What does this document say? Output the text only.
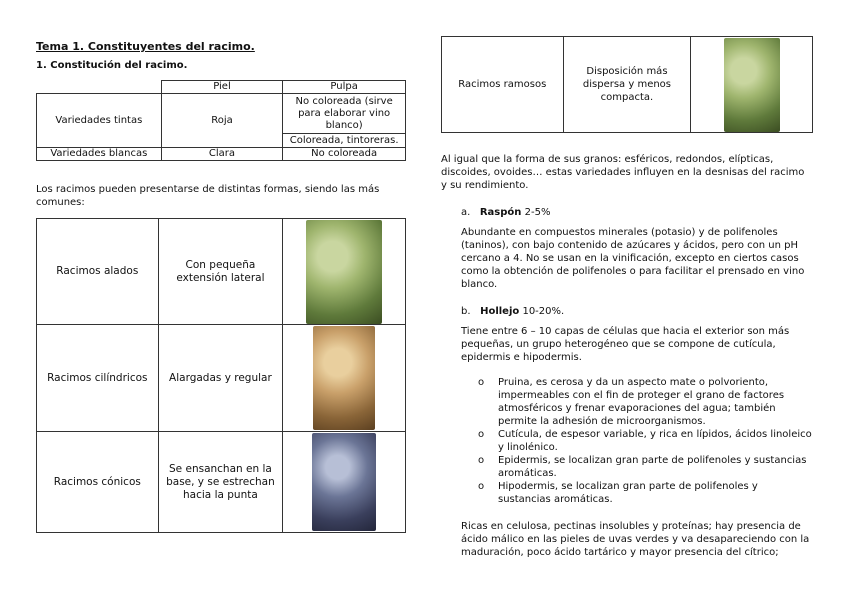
Tema 1. Constituyentes del racimo.
1. Constitución del racimo.
	Piel	Pulpa
Variedades tintas	Roja	No coloreada (sirve para elaborar vino blanco)
		Coloreada, tintoreras.
Variedades blancas	Clara	No coloreada
Los racimos pueden presentarse de distintas formas, siendo las más comunes:
Racimos alados	Con pequeña extensión lateral	

Racimos cilíndricos	Alargadas y regular	

Racimos cónicos	Se ensanchan en la base, y se estrechan hacia la punta	
Racimos ramosos	Disposición más dispersa y menos compacta.	
Al igual que la forma de sus granos: esféricos, redondos, elípticas, discoides, ovoides… estas variedades influyen en la desnisas del racimo y su rendimiento.
a. Raspón 2-5%
Abundante en compuestos minerales (potasio) y de polifenoles (taninos), con bajo contenido de azúcares y ácidos, pero con un pH cercano a 4. No se usan en la vinificación, excepto en ciertos casos como la obtención de polifenoles o para facilitar el prensado en vino blanco.
b. Hollejo 10-20%.
Tiene entre 6 – 10 capas de células que hacia el exterior son más pequeñas, un grupo heterogéneo que se compone de cutícula, epidermis e hipodermis.
o Pruina, es cerosa y da un aspecto mate o polvoriento, impermeables con el fin de proteger el grano de factores atmosféricos y frenar evaporaciones del agua; también permite la adhesión de microorganismos.
o Cutícula, de espesor variable, y rica en lípidos, ácidos linoleico y linolénico.
o Epidermis, se localizan gran parte de polifenoles y sustancias aromáticas.
o Hipodermis, se localizan gran parte de polifenoles y sustancias aromáticas.
Ricas en celulosa, pectinas insolubles y proteínas; hay presencia de ácido málico en las pieles de uvas verdes y va desapareciendo con la maduración, poco ácido tartárico y mayor presencia del cítrico;
